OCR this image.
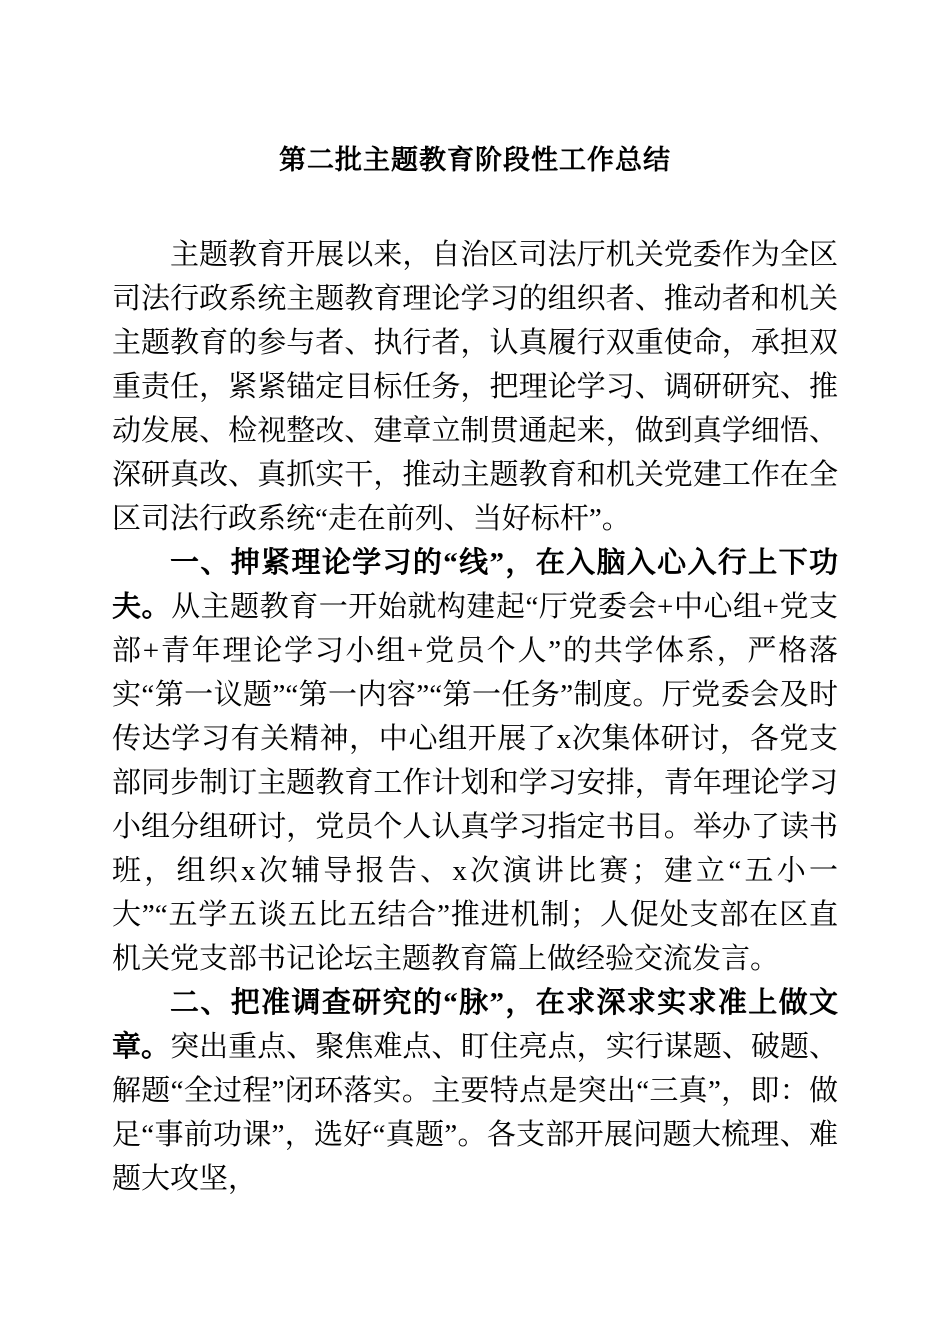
第二批主题教育阶段性工作总结

主题教育开展以来，自治区司法厅机关党委作为全区司法行政系统主题教育理论学习的组织者、推动者和机关主题教育的参与者、执行者，认真履行双重使命，承担双重责任，紧紧锚定目标任务，把理论学习、调研研究、推动发展、检视整改、建章立制贯通起来，做到真学细悟、深研真改、真抓实干，推动主题教育和机关党建工作在全区司法行政系统“走在前列、当好标杆”。

一、抻紧理论学习的“线”，在入脑入心入行上下功夫。从主题教育一开始就构建起“厅党委会+中心组+党支部+青年理论学习小组+党员个人”的共学体系，严格落实“第一议题”“第一内容”“第一任务”制度。厅党委会及时传达学习有关精神，中心组开展了x次集体研讨，各党支部同步制订主题教育工作计划和学习安排，青年理论学习小组分组研讨，党员个人认真学习指定书目。举办了读书班，组织x次辅导报告、x次演讲比赛；建立“五小一大”“五学五谈五比五结合”推进机制；人促处支部在区直机关党支部书记论坛主题教育篇上做经验交流发言。

二、把准调查研究的“脉”，在求深求实求准上做文章。突出重点、聚焦难点、盯住亮点，实行谋题、破题、解题“全过程”闭环落实。主要特点是突出“三真”，即：做足“事前功课”，选好“真题”。各支部开展问题大梳理、难题大攻坚，
